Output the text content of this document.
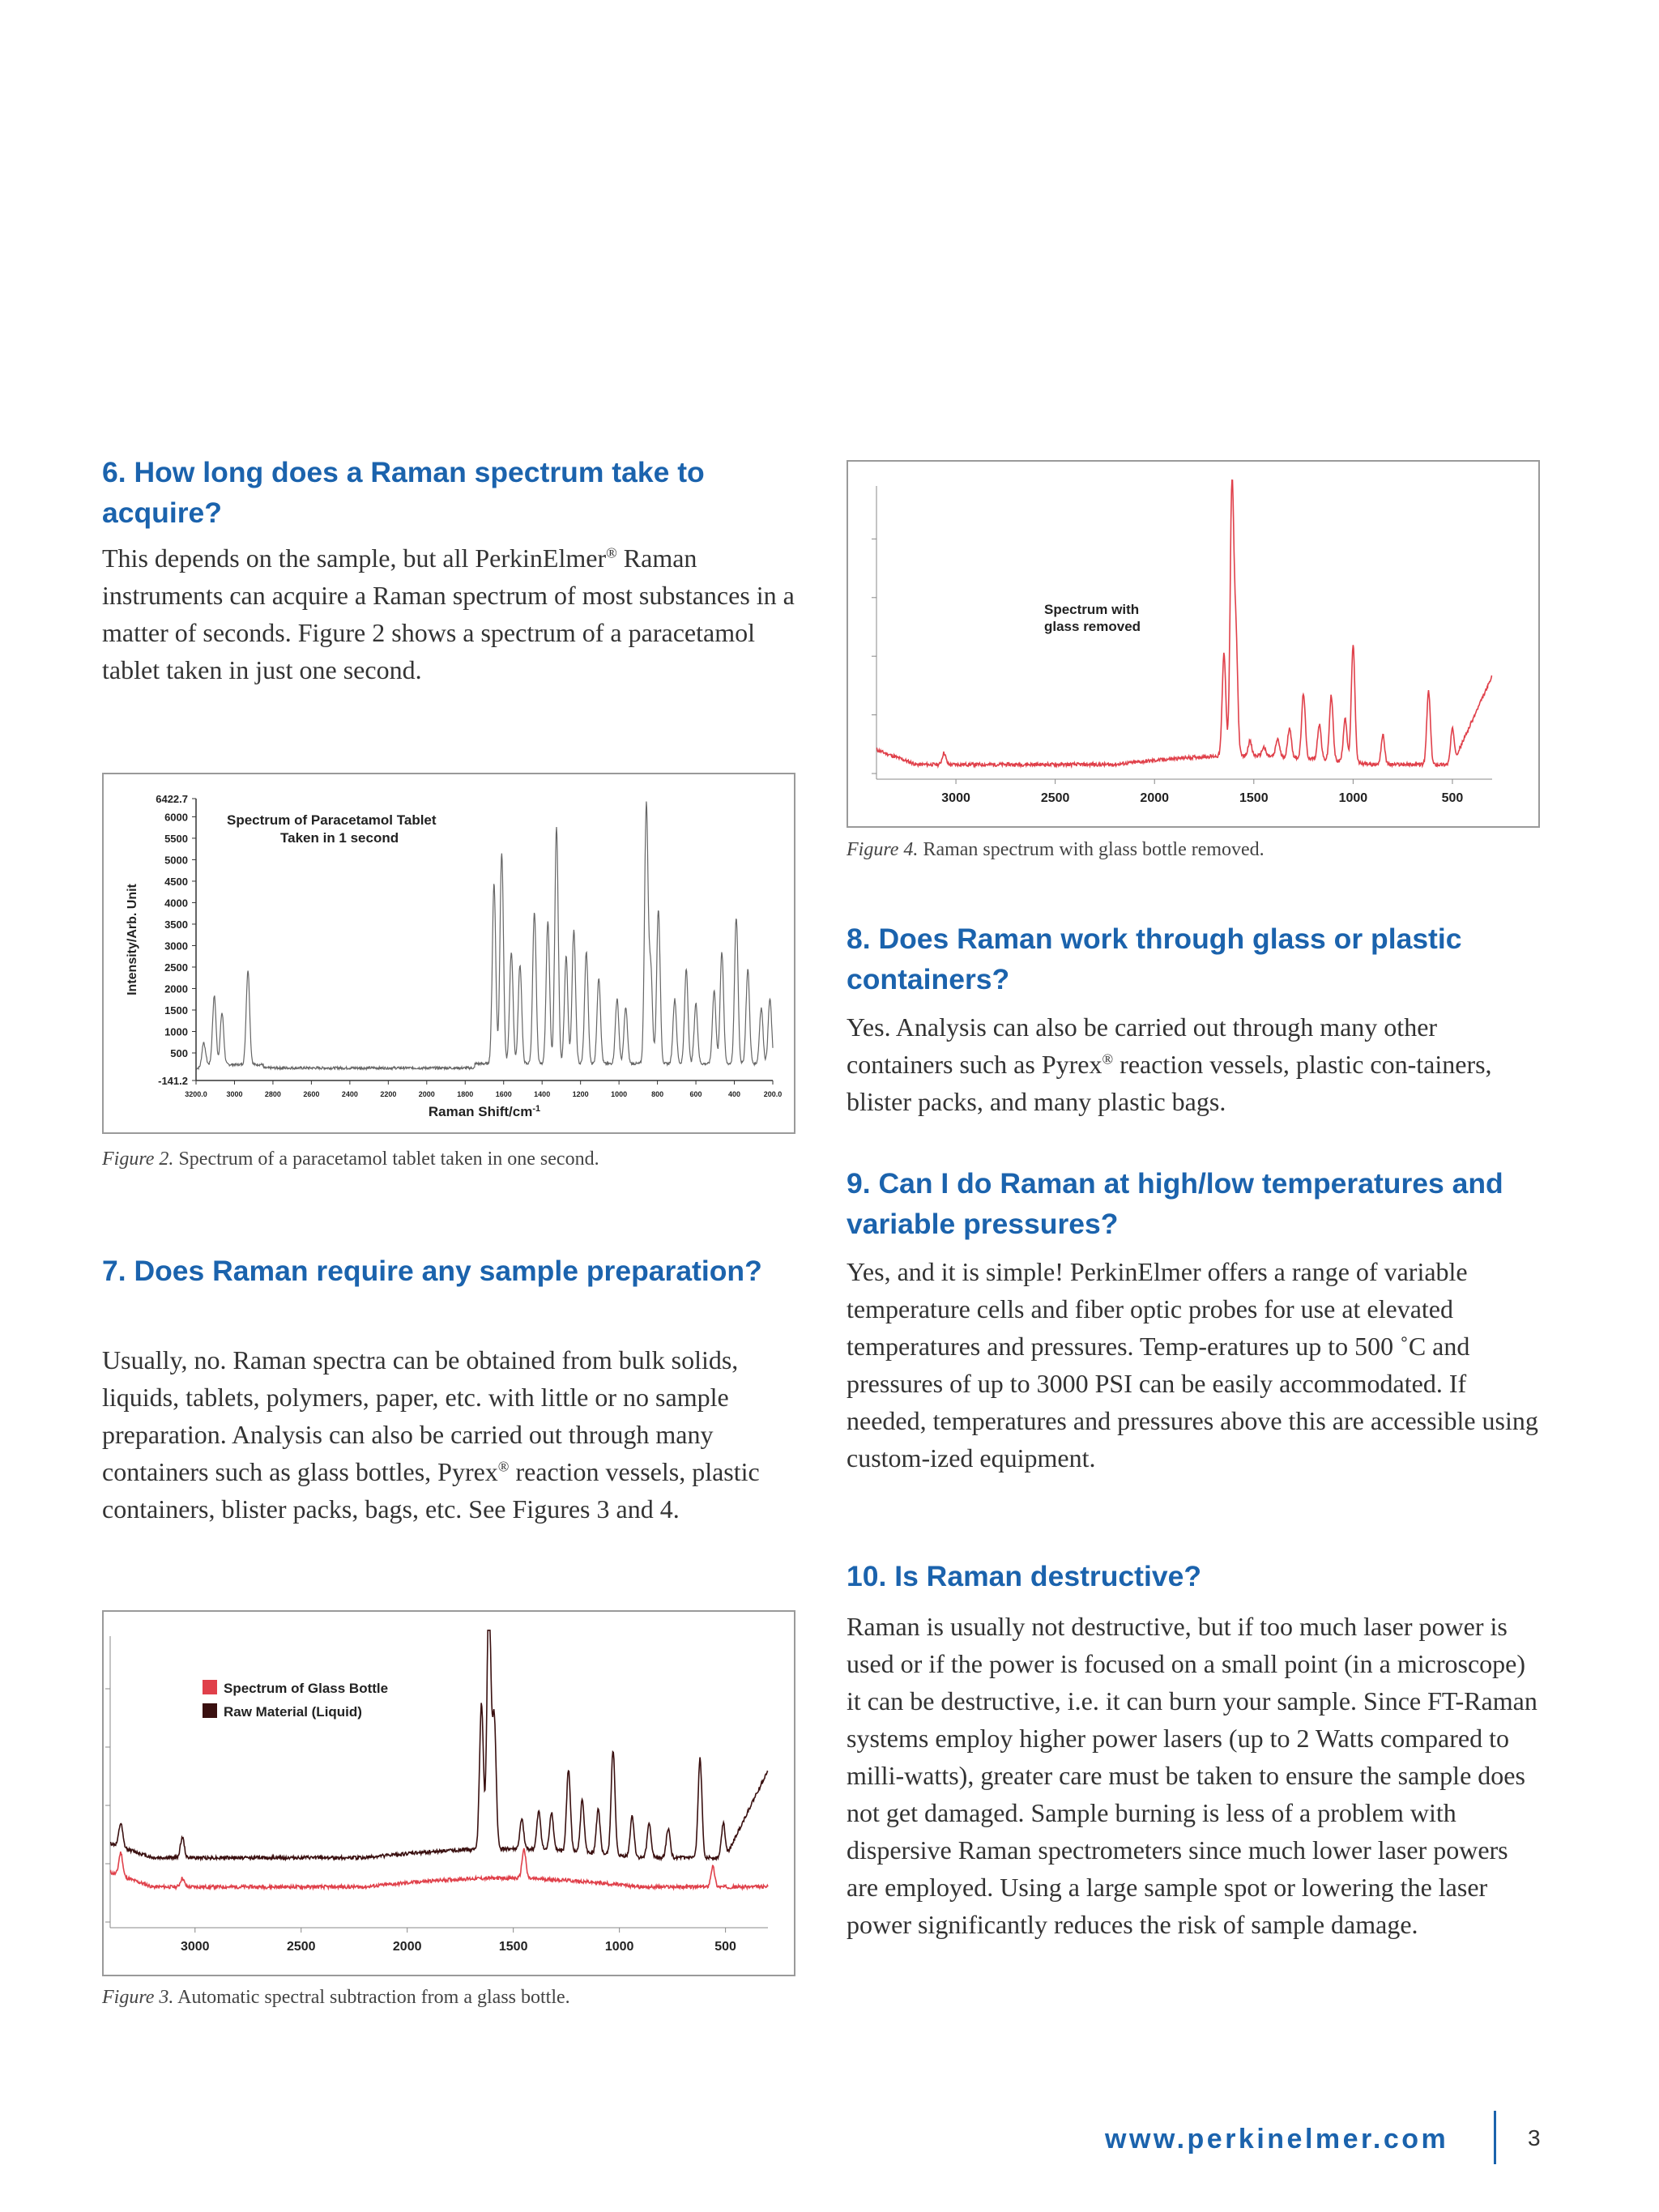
6. How long does a Raman spectrum take to acquire?

This depends on the sample, but all PerkinElmer® Raman instruments can acquire a Raman spectrum of most substances in a matter of seconds. Figure 2 shows a spectrum of a paracetamol tablet taken in just one second.

6422.7
6000
5500
5000
4500
4000
3500
3000
2500
2000
1500
1000
500
-141.2
3200.0	3000	2800	2600	2400	2200	2000	1800	1600	1400	1200	1000	800	600	400	200.0
Intensity/Arb. Unit
Raman Shift/$cm^{-1}$
Spectrum of Paracetamol Tablet
Taken in 1 second
Figure 2. Spectrum of a paracetamol tablet taken in one second.
7. Does Raman require any sample preparation?

Usually, no. Raman spectra can be obtained from bulk solids, liquids, tablets, polymers, paper, etc. with little or no sample preparation. Analysis can also be carried out through many containers such as glass bottles, Pyrex® reaction vessels, plastic containers, blister packs, bags, etc. See Figures 3 and 4.

3000	2500	2000	1500	1000	500
Spectrum of Glass Bottle
Raw Material (Liquid)
Figure 3. Automatic spectral subtraction from a glass bottle.
3000	2500	2000	1500	1000	500
Spectrum with
glass removed
Figure 4. Raman spectrum with glass bottle removed.
8. Does Raman work through glass or plastic containers?

Yes. Analysis can also be carried out through many other containers such as Pyrex® reaction vessels, plastic con-tainers, blister packs, and many plastic bags.

9. Can I do Raman at high/low temperatures and variable pressures?

Yes, and it is simple! PerkinElmer offers a range of variable temperature cells and fiber optic probes for use at elevated temperatures and pressures. Temp-eratures up to 500 ˚C and pressures of up to 3000 PSI can be easily accommodated. If needed, temperatures and pressures above this are accessible using custom-ized equipment.

10. Is Raman destructive?

Raman is usually not destructive, but if too much laser power is used or if the power is focused on a small point (in a microscope) it can be destructive, i.e. it can burn your sample. Since FT-Raman systems employ higher power lasers (up to 2 Watts compared to milli-watts), greater care must be taken to ensure the sample does not get damaged. Sample burning is less of a problem with dispersive Raman spectrometers since much lower laser powers are employed. Using a large sample spot or lowering the laser power significantly reduces the risk of sample damage.

www.perkinelmer.com	3
